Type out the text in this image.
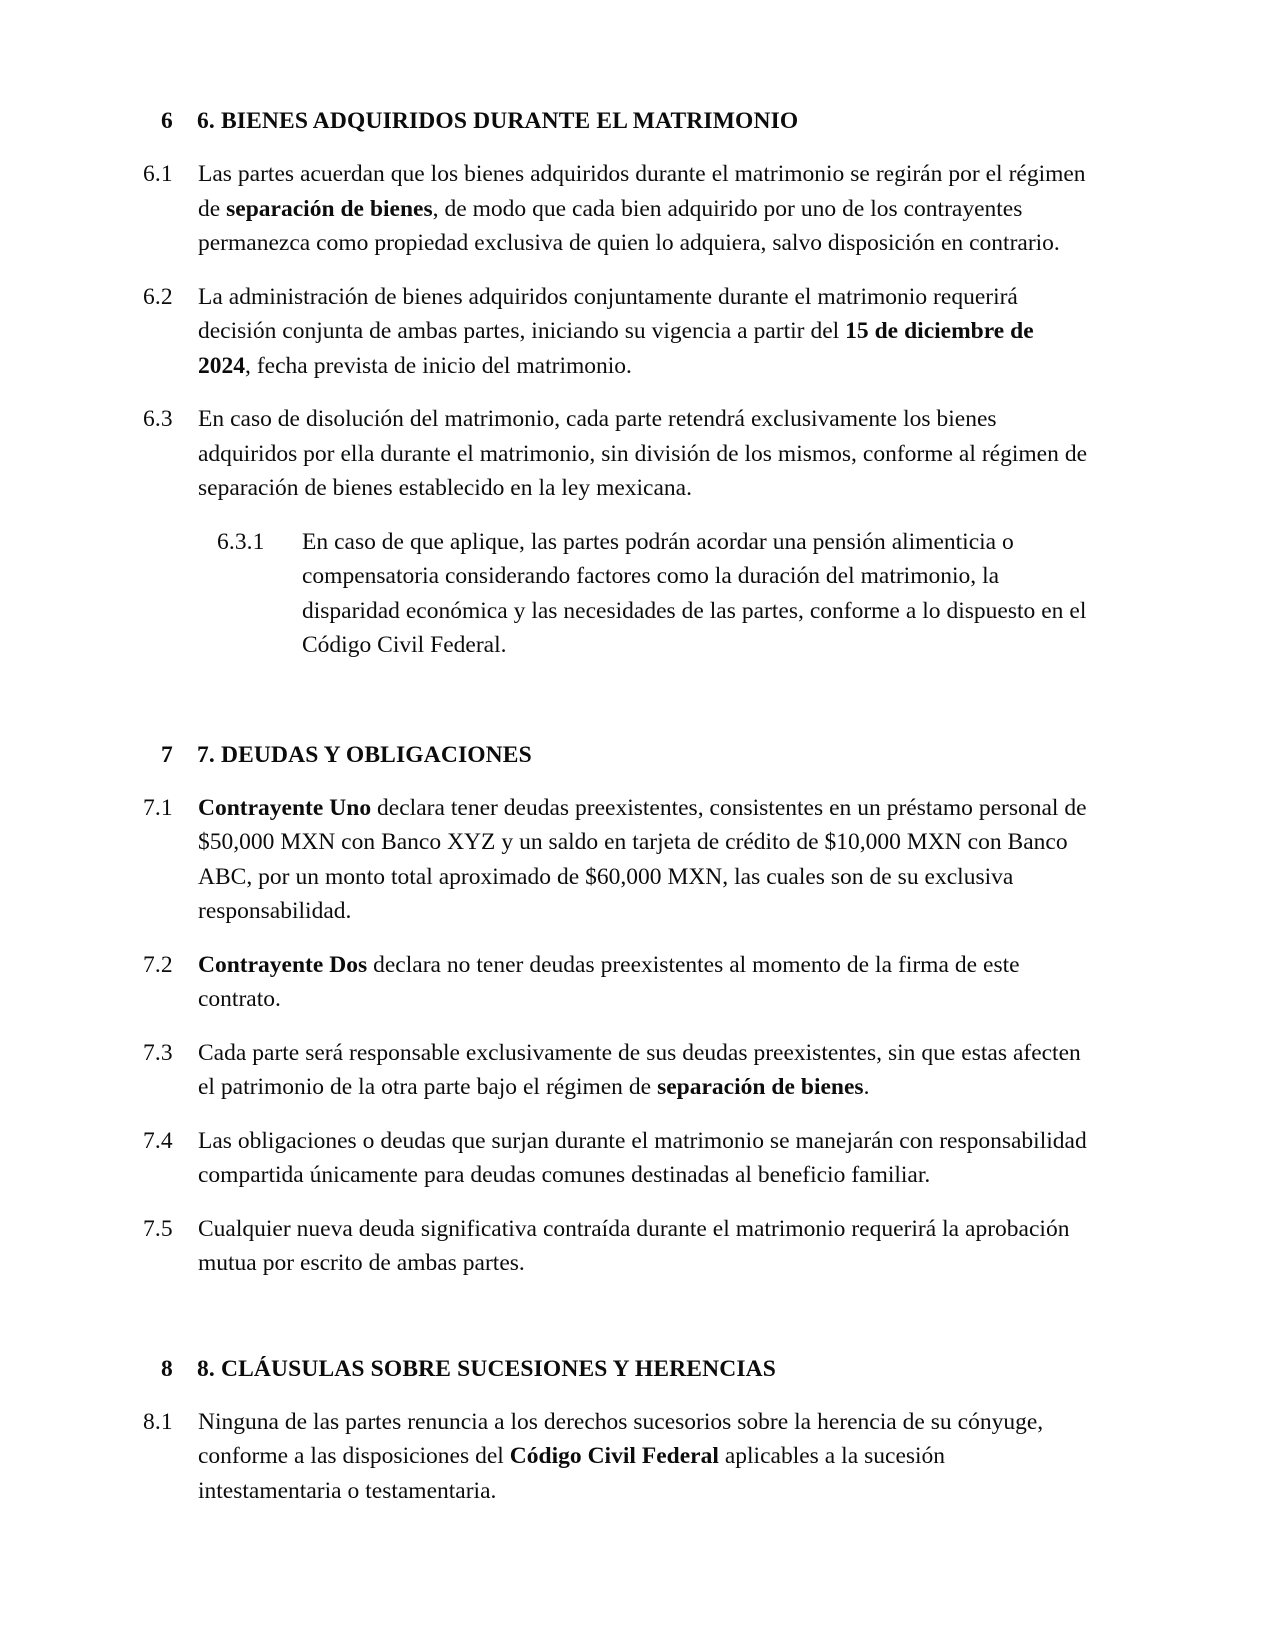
6	6. BIENES ADQUIRIDOS DURANTE EL MATRIMONIO
6.1	Las partes acuerdan que los bienes adquiridos durante el matrimonio se regirán por el régimen de separación de bienes, de modo que cada bien adquirido por uno de los contrayentes permanezca como propiedad exclusiva de quien lo adquiera, salvo disposición en contrario.
6.2	La administración de bienes adquiridos conjuntamente durante el matrimonio requerirá decisión conjunta de ambas partes, iniciando su vigencia a partir del 15 de diciembre de 2024, fecha prevista de inicio del matrimonio.
6.3	En caso de disolución del matrimonio, cada parte retendrá exclusivamente los bienes adquiridos por ella durante el matrimonio, sin división de los mismos, conforme al régimen de separación de bienes establecido en la ley mexicana.
6.3.1	En caso de que aplique, las partes podrán acordar una pensión alimenticia o compensatoria considerando factores como la duración del matrimonio, la disparidad económica y las necesidades de las partes, conforme a lo dispuesto en el Código Civil Federal.
7	7. DEUDAS Y OBLIGACIONES
7.1	Contrayente Uno declara tener deudas preexistentes, consistentes en un préstamo personal de $50,000 MXN con Banco XYZ y un saldo en tarjeta de crédito de $10,000 MXN con Banco ABC, por un monto total aproximado de $60,000 MXN, las cuales son de su exclusiva responsabilidad.
7.2	Contrayente Dos declara no tener deudas preexistentes al momento de la firma de este contrato.
7.3	Cada parte será responsable exclusivamente de sus deudas preexistentes, sin que estas afecten el patrimonio de la otra parte bajo el régimen de separación de bienes.
7.4	Las obligaciones o deudas que surjan durante el matrimonio se manejarán con responsabilidad compartida únicamente para deudas comunes destinadas al beneficio familiar.
7.5	Cualquier nueva deuda significativa contraída durante el matrimonio requerirá la aprobación mutua por escrito de ambas partes.
8	8. CLÁUSULAS SOBRE SUCESIONES Y HERENCIAS
8.1	Ninguna de las partes renuncia a los derechos sucesorios sobre la herencia de su cónyuge, conforme a las disposiciones del Código Civil Federal aplicables a la sucesión intestamentaria o testamentaria.
